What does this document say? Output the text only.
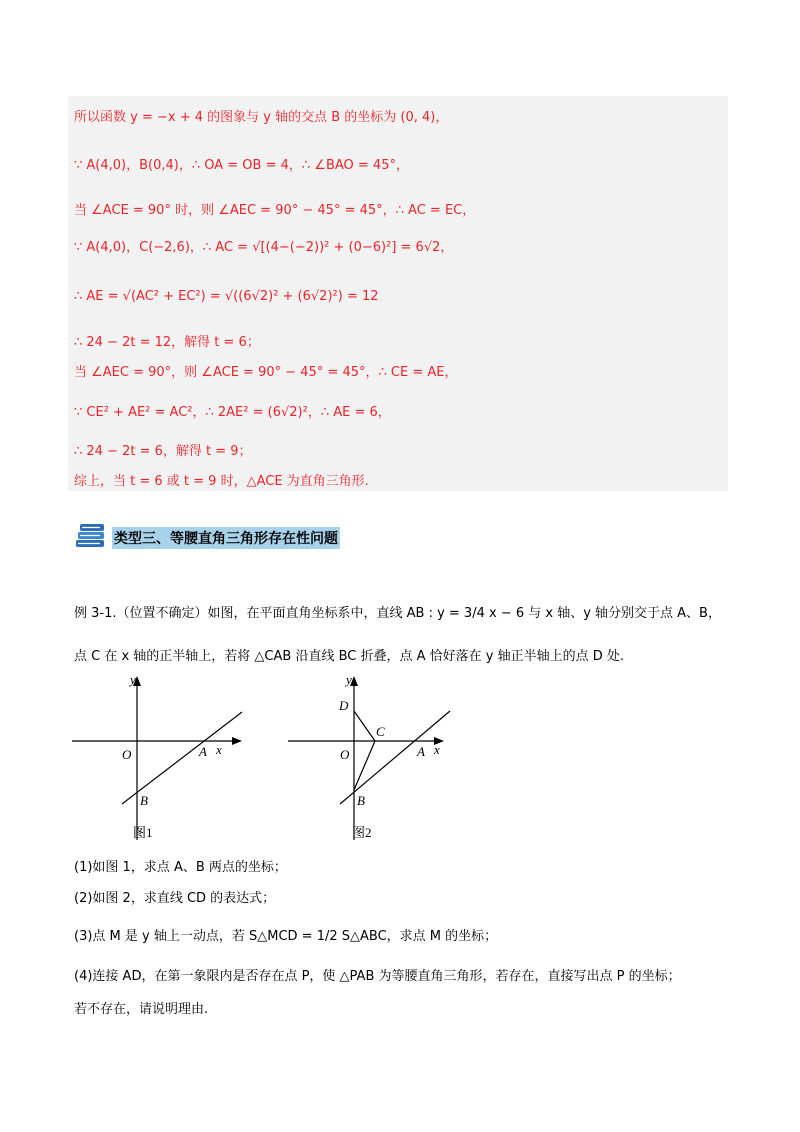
所以函数 y = −x + 4 的图象与 y 轴的交点 B 的坐标为 (0, 4)，
∵ A(4,0)，B(0,4)，∴ OA = OB = 4，∴ ∠BAO = 45°，
当 ∠ACE = 90° 时，则 ∠AEC = 90° − 45° = 45°，∴ AC = EC，
∵ A(4,0)，C(−2,6)，∴ AC = √[(4−(−2))² + (0−6)²] = 6√2，
∴ AE = √(AC² + EC²) = √((6√2)² + (6√2)²) = 12
∴ 24 − 2t = 12，解得 t = 6；
当 ∠AEC = 90°，则 ∠ACE = 90° − 45° = 45°，∴ CE = AE，
∵ CE² + AE² = AC²，∴ 2AE² = (6√2)²，∴ AE = 6，
∴ 24 − 2t = 6，解得 t = 9；
综上，当 t = 6 或 t = 9 时，△ACE 为直角三角形.
类型三、等腰直角三角形存在性问题
例 3-1.（位置不确定）如图，在平面直角坐标系中，直线 AB : y = 3/4 x − 6 与 x 轴、y 轴分别交于点 A、B，
点 C 在 x 轴的正半轴上，若将 △CAB 沿直线 BC 折叠，点 A 恰好落在 y 轴正半轴上的点 D 处.
y
x
O	A
B
图1
y
x
O	A
B
C
D
图2
(1)如图 1，求点 A、B 两点的坐标；
(2)如图 2，求直线 CD 的表达式；
(3)点 M 是 y 轴上一动点，若 S△MCD = 1/2 S△ABC，求点 M 的坐标；
(4)连接 AD，在第一象限内是否存在点 P，使 △PAB 为等腰直角三角形，若存在，直接写出点 P 的坐标；
若不存在，请说明理由.
